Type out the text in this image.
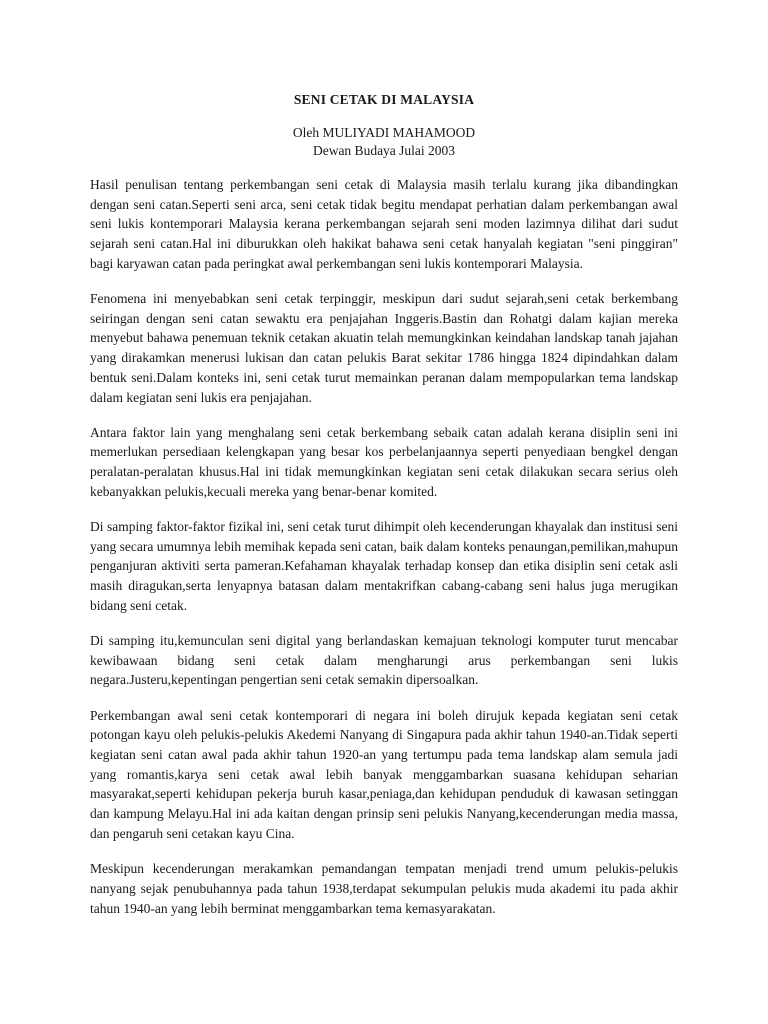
SENI CETAK DI MALAYSIA
Oleh MULIYADI MAHAMOOD
Dewan Budaya Julai 2003

Hasil penulisan tentang perkembangan seni cetak di Malaysia masih terlalu kurang jika dibandingkan dengan seni catan.Seperti seni arca, seni cetak tidak begitu mendapat perhatian dalam perkembangan awal seni lukis kontemporari Malaysia kerana perkembangan sejarah seni moden lazimnya dilihat dari sudut sejarah seni catan.Hal ini diburukkan oleh hakikat bahawa seni cetak hanyalah kegiatan "seni pinggiran" bagi karyawan catan pada peringkat awal perkembangan seni lukis kontemporari Malaysia.

Fenomena ini menyebabkan seni cetak terpinggir, meskipun dari sudut sejarah,seni cetak berkembang seiringan dengan seni catan sewaktu era penjajahan Inggeris.Bastin dan Rohatgi dalam kajian mereka menyebut bahawa penemuan teknik cetakan akuatin telah memungkinkan keindahan landskap tanah jajahan yang dirakamkan menerusi lukisan dan catan pelukis Barat sekitar 1786 hingga 1824 dipindahkan dalam bentuk seni.Dalam konteks ini, seni cetak turut memainkan peranan dalam mempopularkan tema landskap dalam kegiatan seni lukis era penjajahan.

Antara faktor lain yang menghalang seni cetak berkembang sebaik catan adalah kerana disiplin seni ini memerlukan persediaan kelengkapan yang besar kos perbelanjaannya seperti penyediaan bengkel dengan peralatan-peralatan khusus.Hal ini tidak memungkinkan kegiatan seni cetak dilakukan secara serius oleh kebanyakkan pelukis,kecuali mereka yang benar-benar komited.

Di samping faktor-faktor fizikal ini, seni cetak turut dihimpit oleh kecenderungan khayalak dan institusi seni yang secara umumnya lebih memihak kepada seni catan, baik dalam konteks penaungan,pemilikan,mahupun penganjuran aktiviti serta pameran.Kefahaman khayalak terhadap konsep dan etika disiplin seni cetak asli masih diragukan,serta lenyapnya batasan dalam mentakrifkan cabang-cabang seni halus juga merugikan bidang seni cetak.

Di samping itu,kemunculan seni digital yang berlandaskan kemajuan teknologi komputer turut mencabar kewibawaan bidang seni cetak dalam mengharungi arus perkembangan seni lukis negara.Justeru,kepentingan pengertian seni cetak semakin dipersoalkan.

Perkembangan awal seni cetak kontemporari di negara ini boleh dirujuk kepada kegiatan seni cetak potongan kayu oleh pelukis-pelukis Akedemi Nanyang di Singapura pada akhir tahun 1940-an.Tidak seperti kegiatan seni catan awal pada akhir tahun 1920-an yang tertumpu pada tema landskap alam semula jadi yang romantis,karya seni cetak awal lebih banyak menggambarkan suasana kehidupan seharian masyarakat,seperti kehidupan pekerja buruh kasar,peniaga,dan kehidupan penduduk di kawasan setinggan dan kampung Melayu.Hal ini ada kaitan dengan prinsip seni pelukis Nanyang,kecenderungan media massa, dan pengaruh seni cetakan kayu Cina.

Meskipun kecenderungan merakamkan pemandangan tempatan menjadi trend umum pelukis-pelukis nanyang sejak penubuhannya pada tahun 1938,terdapat sekumpulan pelukis muda akademi itu pada akhir tahun 1940-an yang lebih berminat menggambarkan tema kemasyarakatan.
